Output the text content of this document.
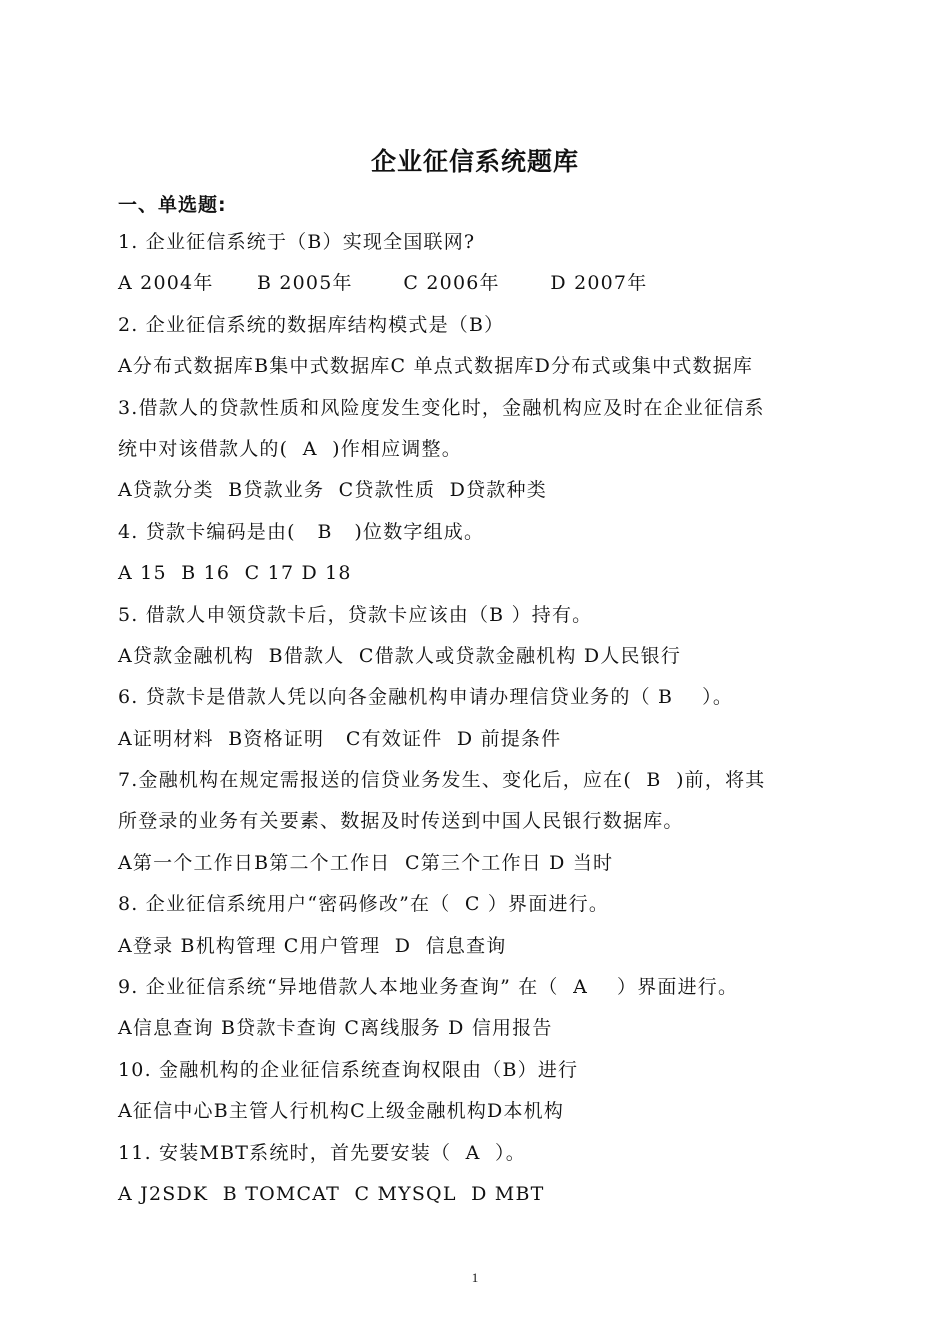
企业征信系统题库
一、单选题:
1. 企业征信系统于（B）实现全国联网?
A 2004年      B 2005年       C 2006年       D 2007年
2. 企业征信系统的数据库结构模式是（B）
A分布式数据库B集中式数据库C 单点式数据库D分布式或集中式数据库
3.借款人的贷款性质和风险度发生变化时，金融机构应及时在企业征信系
统中对该借款人的(  A  )作相应调整。
A贷款分类  B贷款业务  C贷款性质  D贷款种类
4. 贷款卡编码是由(   B   )位数字组成。
A 15  B 16  C 17 D 18
5. 借款人申领贷款卡后，贷款卡应该由（B ）持有。
A贷款金融机构  B借款人  C借款人或贷款金融机构 D人民银行
6. 贷款卡是借款人凭以向各金融机构申请办理信贷业务的（ B    ）。
A证明材料  B资格证明   C有效证件  D 前提条件
7.金融机构在规定需报送的信贷业务发生、变化后，应在(  B  )前，将其
所登录的业务有关要素、数据及时传送到中国人民银行数据库。
A第一个工作日B第二个工作日  C第三个工作日 D 当时
8. 企业征信系统用户“密码修改”在（  C ）界面进行。
A登录 B机构管理 C用户管理  D  信息查询
9. 企业征信系统“异地借款人本地业务查询” 在（  A    ）界面进行。
A信息查询 B贷款卡查询 C离线服务 D 信用报告
10. 金融机构的企业征信系统查询权限由（B）进行
A征信中心B主管人行机构C上级金融机构D本机构
11. 安装MBT系统时，首先要安装（  A  ）。
A J2SDK  B TOMCAT  C MYSQL  D MBT
1
